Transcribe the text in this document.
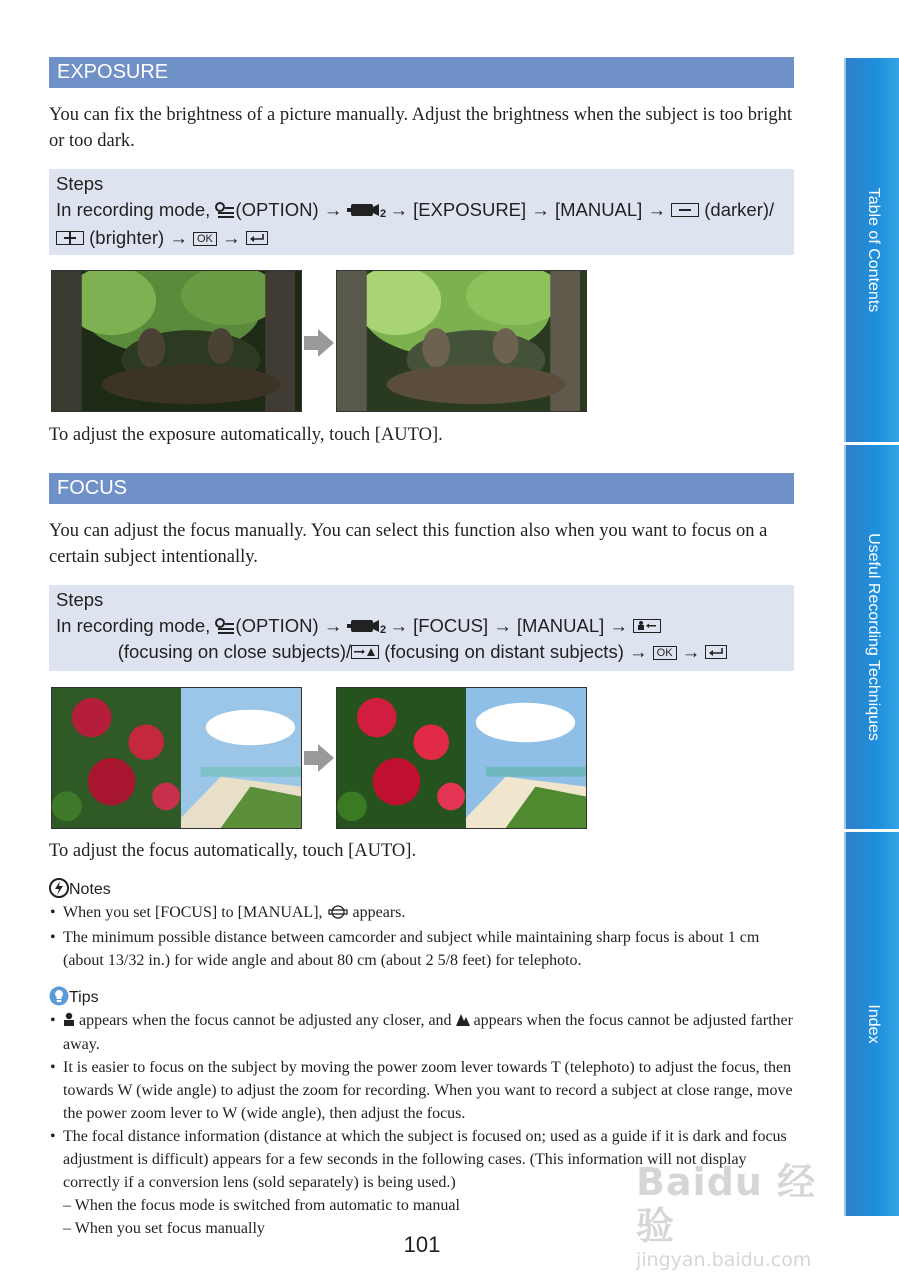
EXPOSURE

You can fix the brightness of a picture manually. Adjust the brightness when the subject is too bright or too dark.

Steps
In recording mode, (OPTION) →	2 → [EXPOSURE] → [MANUAL] → (darker)/
(brighter) → OK →

To adjust the exposure automatically, touch [AUTO].

FOCUS

You can adjust the focus manually. You can select this function also when you want to focus on a certain subject intentionally.

Steps
In recording mode, (OPTION) →	2 → [FOCUS] → [MANUAL] →
(focusing on close subjects)/ (focusing on distant subjects) → OK →

To adjust the focus automatically, touch [AUTO].

Notes
• When you set [FOCUS] to [MANUAL], appears.
• The minimum possible distance between camcorder and subject while maintaining sharp focus is about 1 cm (about 13/32 in.) for wide angle and about 80 cm (about 2 5/8 feet) for telephoto.
Tips
• appears when the focus cannot be adjusted any closer, and appears when the focus cannot be adjusted farther away.
• It is easier to focus on the subject by moving the power zoom lever towards T (telephoto) to adjust the focus, then towards W (wide angle) to adjust the zoom for recording. When you want to record a subject at close range, move the power zoom lever to W (wide angle), then adjust the focus.
• The focal distance information (distance at which the subject is focused on; used as a guide if it is dark and focus adjustment is difficult) appears for a few seconds in the following cases. (This information will not display correctly if a conversion lens (sold separately) is being used.)
– When the focus mode is switched from automatic to manual
– When you set focus manually
101
Table of Contents
Useful Recording Techniques
Index
Baidu 经验
jingyan.baidu.com
